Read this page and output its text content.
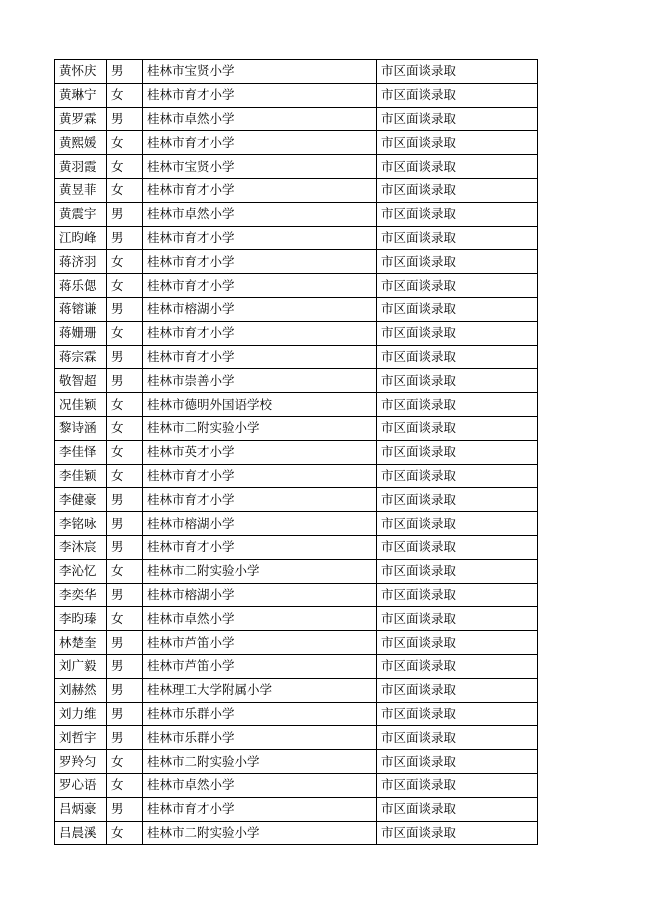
黄怀庆	男	桂林市宝贤小学	市区面谈录取
黄琳宁	女	桂林市育才小学	市区面谈录取
黄罗霖	男	桂林市卓然小学	市区面谈录取
黄熙媛	女	桂林市育才小学	市区面谈录取
黄羽霞	女	桂林市宝贤小学	市区面谈录取
黄昱菲	女	桂林市育才小学	市区面谈录取
黄震宇	男	桂林市卓然小学	市区面谈录取
江昀峰	男	桂林市育才小学	市区面谈录取
蒋济羽	女	桂林市育才小学	市区面谈录取
蒋乐偲	女	桂林市育才小学	市区面谈录取
蒋镕谦	男	桂林市榕湖小学	市区面谈录取
蒋姗珊	女	桂林市育才小学	市区面谈录取
蒋宗霖	男	桂林市育才小学	市区面谈录取
敬智超	男	桂林市崇善小学	市区面谈录取
况佳颖	女	桂林市德明外国语学校	市区面谈录取
黎诗涵	女	桂林市二附实验小学	市区面谈录取
李佳怿	女	桂林市英才小学	市区面谈录取
李佳颖	女	桂林市育才小学	市区面谈录取
李健豪	男	桂林市育才小学	市区面谈录取
李铭咏	男	桂林市榕湖小学	市区面谈录取
李沐宸	男	桂林市育才小学	市区面谈录取
李沁忆	女	桂林市二附实验小学	市区面谈录取
李奕华	男	桂林市榕湖小学	市区面谈录取
李昀瑧	女	桂林市卓然小学	市区面谈录取
林楚奎	男	桂林市芦笛小学	市区面谈录取
刘广毅	男	桂林市芦笛小学	市区面谈录取
刘赫然	男	桂林理工大学附属小学	市区面谈录取
刘力维	男	桂林市乐群小学	市区面谈录取
刘哲宇	男	桂林市乐群小学	市区面谈录取
罗羚匀	女	桂林市二附实验小学	市区面谈录取
罗心语	女	桂林市卓然小学	市区面谈录取
吕炳豪	男	桂林市育才小学	市区面谈录取
吕晨溪	女	桂林市二附实验小学	市区面谈录取
